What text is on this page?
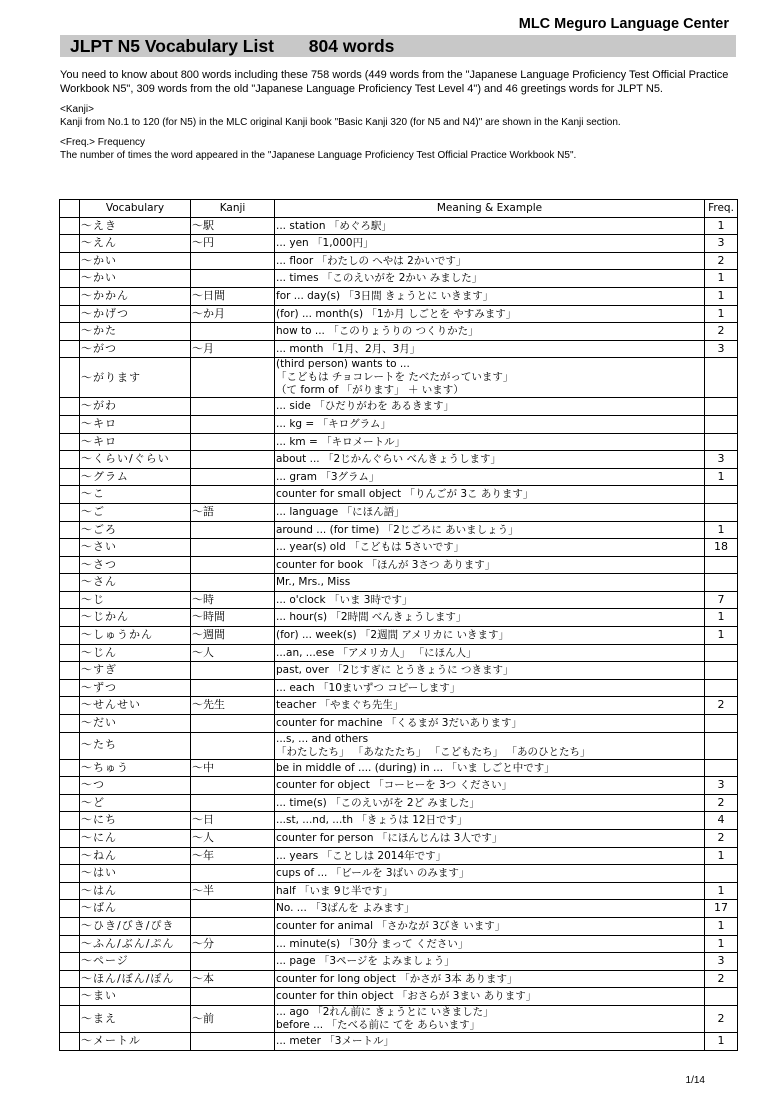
MLC Meguro Language Center
JLPT N5 Vocabulary List 804 words

You need to know about 800 words including these 758 words (449 words from the "Japanese Language Proficiency Test Official Practice Workbook N5", 309 words from the old "Japanese Language Proficiency Test Level 4") and 46 greetings words for JLPT N5.

<Kanji>
Kanji from No.1 to 120 (for N5) in the MLC original Kanji book "Basic Kanji 320 (for N5 and N4)" are shown in the Kanji section.

<Freq.> Frequency
The number of times the word appeared in the "Japanese Language Proficiency Test Official Practice Workbook N5".

	Vocabulary	Kanji	Meaning & Example	Freq.
	～えき	～駅	... station 「めぐろ駅」	1
	～えん	～円	... yen 「1,000円」	3
	～かい		... floor 「わたしの へやは 2かいです」	2
	～かい		... times 「このえいがを 2かい みました」	1
	～かかん	～日間	for ... day(s) 「3日間 きょうとに いきます」	1
	～かげつ	～か月	(for) ... month(s) 「1か月 しごとを やすみます」	1
	～かた		how to ... 「このりょうりの つくりかた」	2
	～がつ	～月	... month 「1月、2月、3月」	3
	～がります		(third person) wants to ...
「こどもは チョコレートを たべたがっています」
（て form of 「がります」 ＋ います）	

	～がわ		... side 「ひだりがわを あるきます」	
	～キロ		... kg = 「キログラム」	
	～キロ		... km = 「キロメートル」	
	～くらい/ぐらい		about ... 「2じかんぐらい べんきょうします」	3
	～グラム		... gram 「3グラム」	1
	～こ		counter for small object 「りんごが 3こ あります」	
	～ご	～語	... language 「にほん語」	
	～ごろ		around ... (for time) 「2じごろに あいましょう」	1
	～さい		... year(s) old 「こどもは 5さいです」	18
	～さつ		counter for book 「ほんが 3さつ あります」	
	～さん		Mr., Mrs., Miss	
	～じ	～時	... o'clock 「いま 3時です」	7
	～じかん	～時間	... hour(s) 「2時間 べんきょうします」	1
	～しゅうかん	～週間	(for) ... week(s) 「2週間 アメリカに いきます」	1
	～じん	～人	...an, ...ese 「アメリカ人」 「にほん人」	
	～すぎ		past, over 「2じすぎに とうきょうに つきます」	
	～ずつ		... each 「10まいずつ コピーします」	
	～せんせい	～先生	teacher 「やまぐち先生」	2
	～だい		counter for machine 「くるまが 3だいあります」	
	～たち		...s, ... and others
「わたしたち」 「あなたたち」 「こどもたち」 「あのひとたち」	

	～ちゅう	～中	be in middle of .... (during) in ... 「いま しごと中です」	
	～つ		counter for object 「コーヒーを 3つ ください」	3
	～ど		... time(s) 「このえいがを 2ど みました」	2
	～にち	～日	...st, ...nd, ...th 「きょうは 12日です」	4
	～にん	～人	counter for person 「にほんじんは 3人です」	2
	～ねん	～年	... years 「ことしは 2014年です」	1
	～はい		cups of ... 「ビールを 3ばい のみます」	
	～はん	～半	half 「いま 9じ半です」	1
	～ばん		No. ... 「3ばんを よみます」	17
	～ひき/びき/ぴき		counter for animal 「さかなが 3びき います」	1
	～ふん/ぶん/ぷん	～分	... minute(s) 「30分 まって ください」	1
	～ページ		... page 「3ページを よみましょう」	3
	～ほん/ぼん/ぽん	～本	counter for long object 「かさが 3本 あります」	2
	～まい		counter for thin object 「おさらが 3まい あります」	
	～まえ	～前	... ago 「2れん前に きょうとに いきました」
before ... 「たべる前に てを あらいます」	2
	～メートル		... meter 「3メートル」	1
1/14
